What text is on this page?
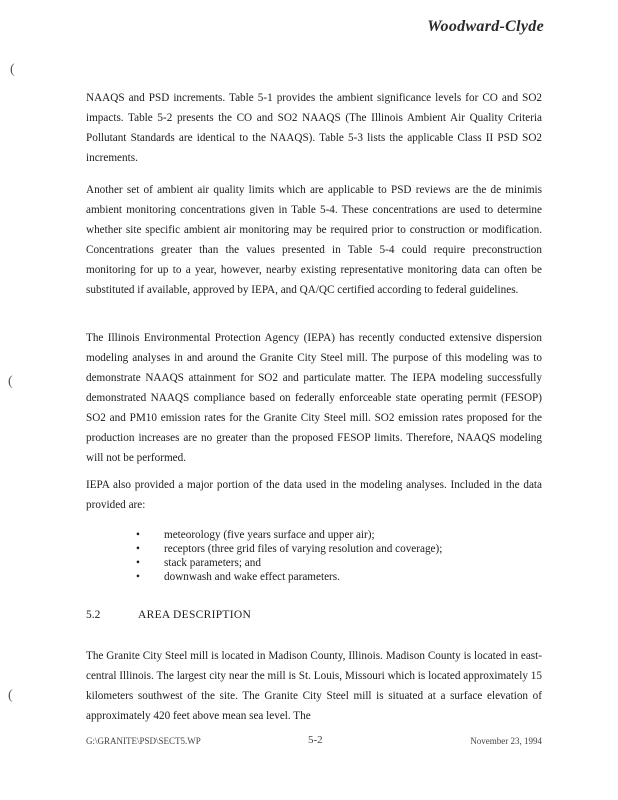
Woodward-Clyde
(
(
(

NAAQS and PSD increments. Table 5-1 provides the ambient significance levels for CO and SO2 impacts. Table 5-2 presents the CO and SO2 NAAQS (The Illinois Ambient Air Quality Criteria Pollutant Standards are identical to the NAAQS). Table 5-3 lists the applicable Class II PSD SO2 increments.

Another set of ambient air quality limits which are applicable to PSD reviews are the de minimis ambient monitoring concentrations given in Table 5-4. These concentrations are used to determine whether site specific ambient air monitoring may be required prior to construction or modification. Concentrations greater than the values presented in Table 5-4 could require preconstruction monitoring for up to a year, however, nearby existing representative monitoring data can often be substituted if available, approved by IEPA, and QA/QC certified according to federal guidelines.

The Illinois Environmental Protection Agency (IEPA) has recently conducted extensive dispersion modeling analyses in and around the Granite City Steel mill. The purpose of this modeling was to demonstrate NAAQS attainment for SO2 and particulate matter. The IEPA modeling successfully demonstrated NAAQS compliance based on federally enforceable state operating permit (FESOP) SO2 and PM10 emission rates for the Granite City Steel mill. SO2 emission rates proposed for the production increases are no greater than the proposed FESOP limits. Therefore, NAAQS modeling will not be performed.

IEPA also provided a major portion of the data used in the modeling analyses. Included in the data provided are:

• meteorology (five years surface and upper air);
• receptors (three grid files of varying resolution and coverage);
• stack parameters; and
• downwash and wake effect parameters.
5.2	AREA DESCRIPTION

The Granite City Steel mill is located in Madison County, Illinois. Madison County is located in east-central Illinois. The largest city near the mill is St. Louis, Missouri which is located approximately 15 kilometers southwest of the site. The Granite City Steel mill is situated at a surface elevation of approximately 420 feet above mean sea level. The

G:\GRANITE\PSD\SECT5.WP	5-2	November 23, 1994
